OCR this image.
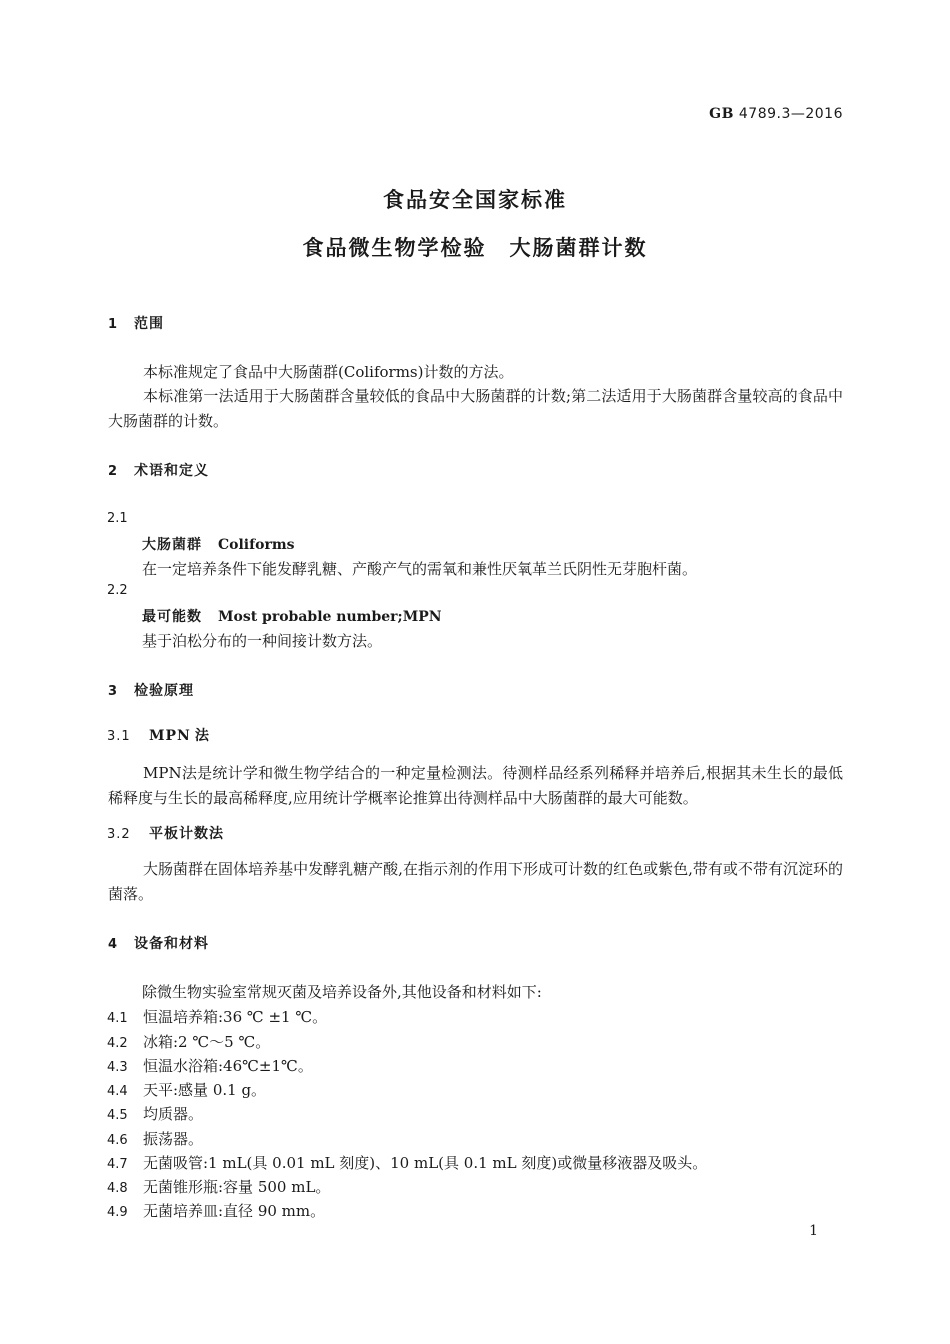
GB 4789.3—2016
食品安全国家标准
食品微生物学检验　大肠菌群计数
1 范围
本标准规定了食品中大肠菌群(Coliforms)计数的方法。
本标准第一法适用于大肠菌群含量较低的食品中大肠菌群的计数;第二法适用于大肠菌群含量较高的食品中大肠菌群的计数。
2 术语和定义
2.1
大肠菌群 Coliforms
在一定培养条件下能发酵乳糖、产酸产气的需氧和兼性厌氧革兰氏阴性无芽胞杆菌。
2.2
最可能数 Most probable number;MPN
基于泊松分布的一种间接计数方法。
3 检验原理
3.1 MPN 法
MPN法是统计学和微生物学结合的一种定量检测法。待测样品经系列稀释并培养后,根据其未生长的最低稀释度与生长的最高稀释度,应用统计学概率论推算出待测样品中大肠菌群的最大可能数。
3.2 平板计数法
大肠菌群在固体培养基中发酵乳糖产酸,在指示剂的作用下形成可计数的红色或紫色,带有或不带有沉淀环的菌落。
4 设备和材料
除微生物实验室常规灭菌及培养设备外,其他设备和材料如下:
4.1 恒温培养箱:36 ℃ ±1 ℃。
4.2 冰箱:2 ℃～5 ℃。
4.3 恒温水浴箱:46℃±1℃。
4.4 天平:感量 0.1 g。
4.5 均质器。
4.6 振荡器。
4.7 无菌吸管:1 mL(具 0.01 mL 刻度)、10 mL(具 0.1 mL 刻度)或微量移液器及吸头。
4.8 无菌锥形瓶:容量 500 mL。
4.9 无菌培养皿:直径 90 mm。
1
